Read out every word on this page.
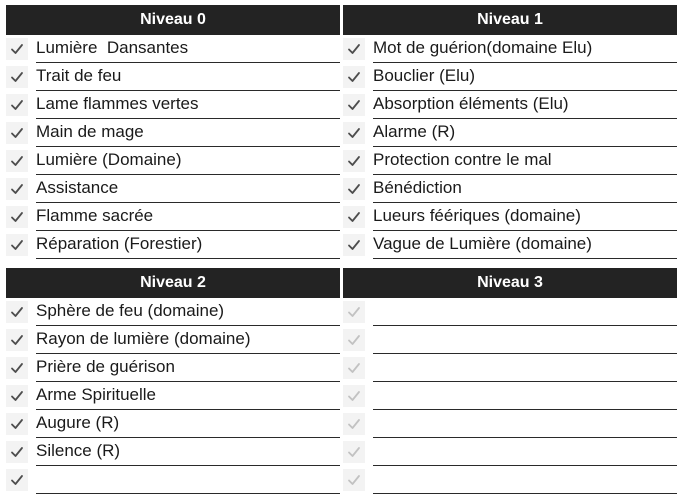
Niveau 0
Lumière  Dansantes
Trait de feu
Lame flammes vertes
Main de mage
Lumière (Domaine)
Assistance
Flamme sacrée
Réparation (Forestier)
Niveau 1
Mot de guérion(domaine Elu)
Bouclier (Elu)
Absorption éléments (Elu)
Alarme (R)
Protection contre le mal
Bénédiction
Lueurs féériques (domaine)
Vague de Lumière (domaine)
Niveau 2
Sphère de feu (domaine)
Rayon de lumière (domaine)
Prière de guérison
Arme Spirituelle
Augure (R)
Silence (R)
Niveau 3
